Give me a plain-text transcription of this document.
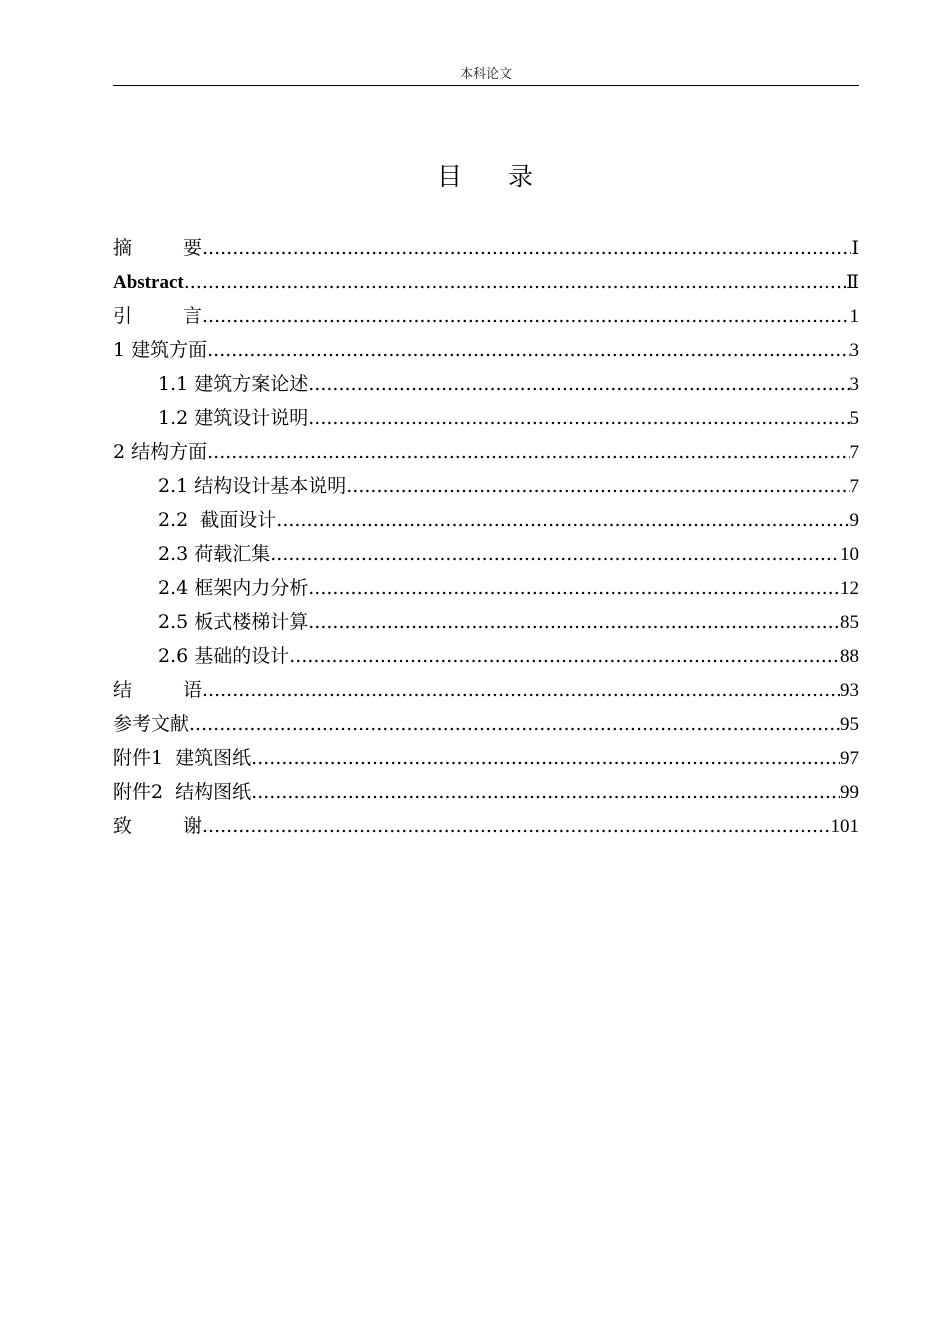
本科论文
目 录
摘要 .....	Ⅰ
Abstract .....	Ⅱ
引言 .....	1
1 建筑方面 .....	3
1.1 建筑方案论述 .....	3
1.2 建筑设计说明 .....	5
2 结构方面 .....	7
2.1 结构设计基本说明 .....	7
2.2  截面设计 .....	9
2.3 荷载汇集 .....	10
2.4 框架内力分析 .....	12
2.5 板式楼梯计算 .....	85
2.6 基础的设计 .....	88
结语 .....	93
参考文献 .....	95
附件1  建筑图纸 .....	97
附件2  结构图纸 .....	99
致谢 .....	101
